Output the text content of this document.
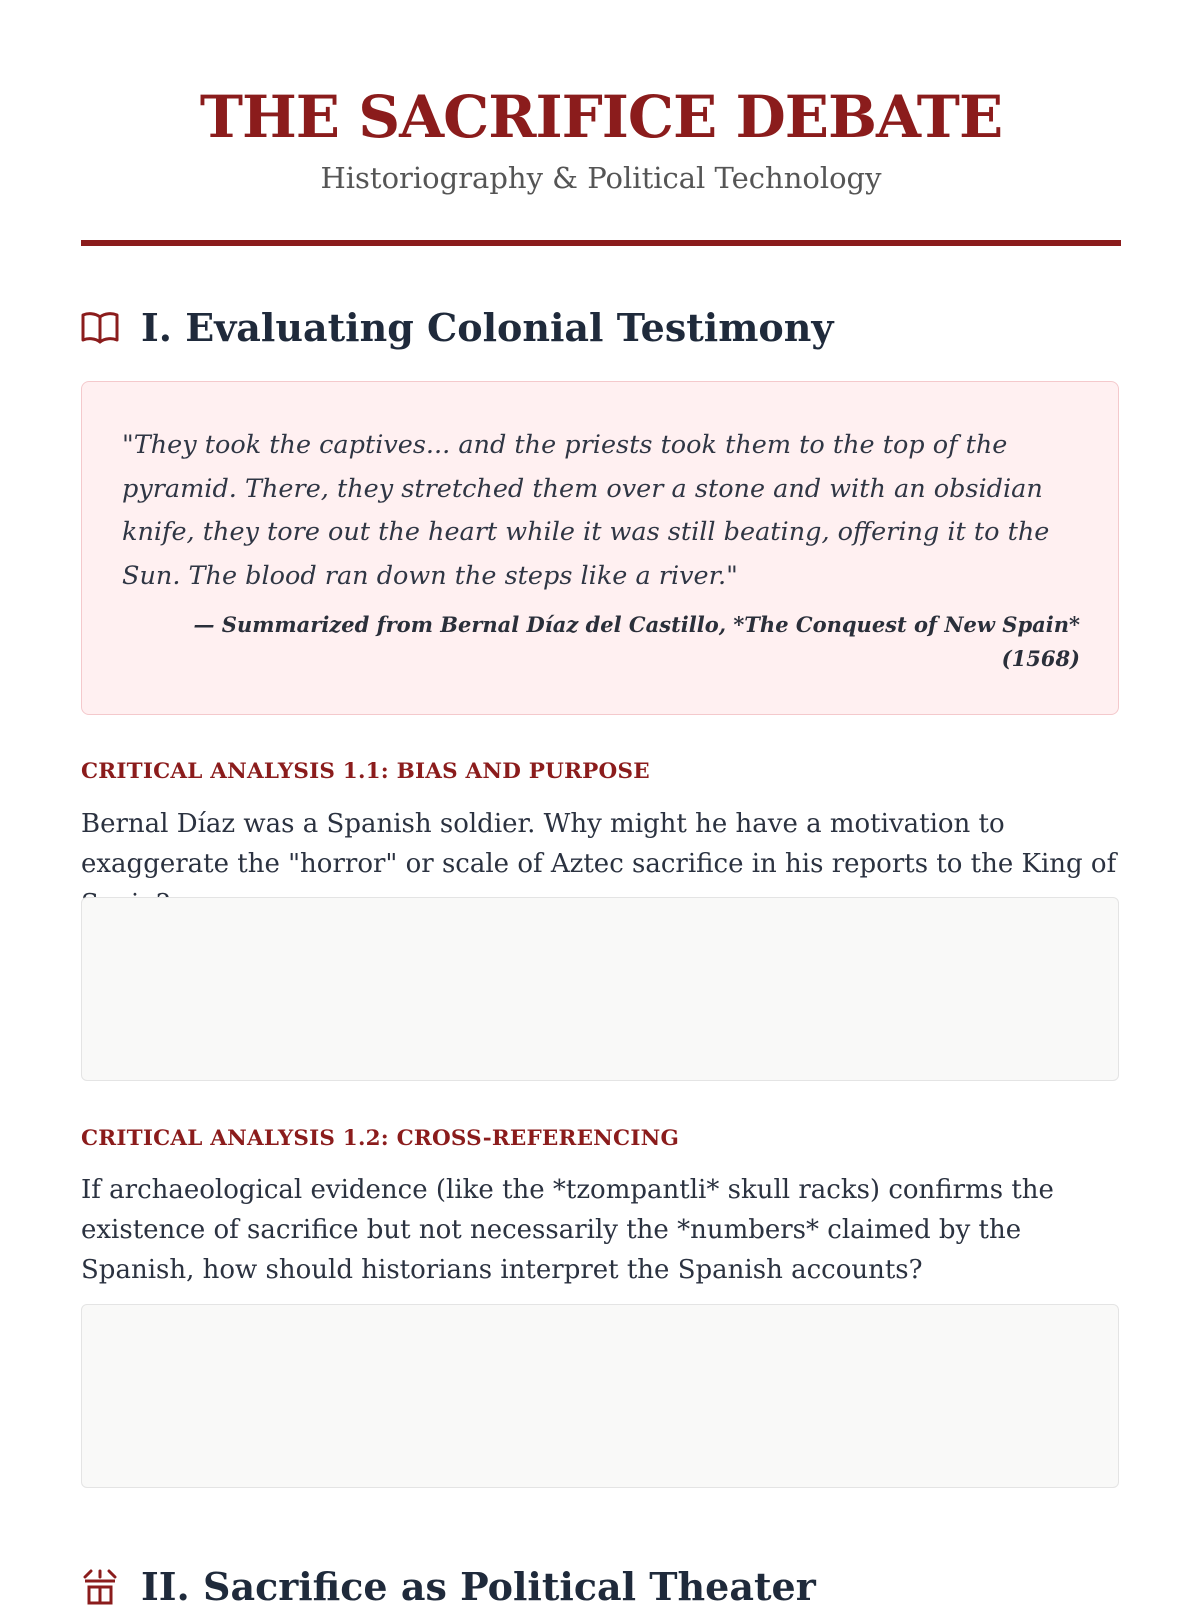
THE SACRIFICE DEBATE
Historiography & Political Technology
I. Evaluating Colonial Testimony

"They took the captives... and the priests took them to the top of the pyramid. There, they stretched them over a stone and with an obsidian knife, they tore out the heart while it was still beating, offering it to the Sun. The blood ran down the steps like a river."

— Summarized from Bernal Díaz del Castillo, *The Conquest of New Spain* (1568)
CRITICAL ANALYSIS 1.1: BIAS AND PURPOSE

Bernal Díaz was a Spanish soldier. Why might he have a motivation to exaggerate the "horror" or scale of Aztec sacrifice in his reports to the King of

CRITICAL ANALYSIS 1.2: CROSS-REFERENCING

If archaeological evidence (like the *tzompantli* skull racks) confirms the existence of sacrifice but not necessarily the *numbers* claimed by the Spanish, how should historians interpret the Spanish accounts?

II. Sacrifice as Political Theater
